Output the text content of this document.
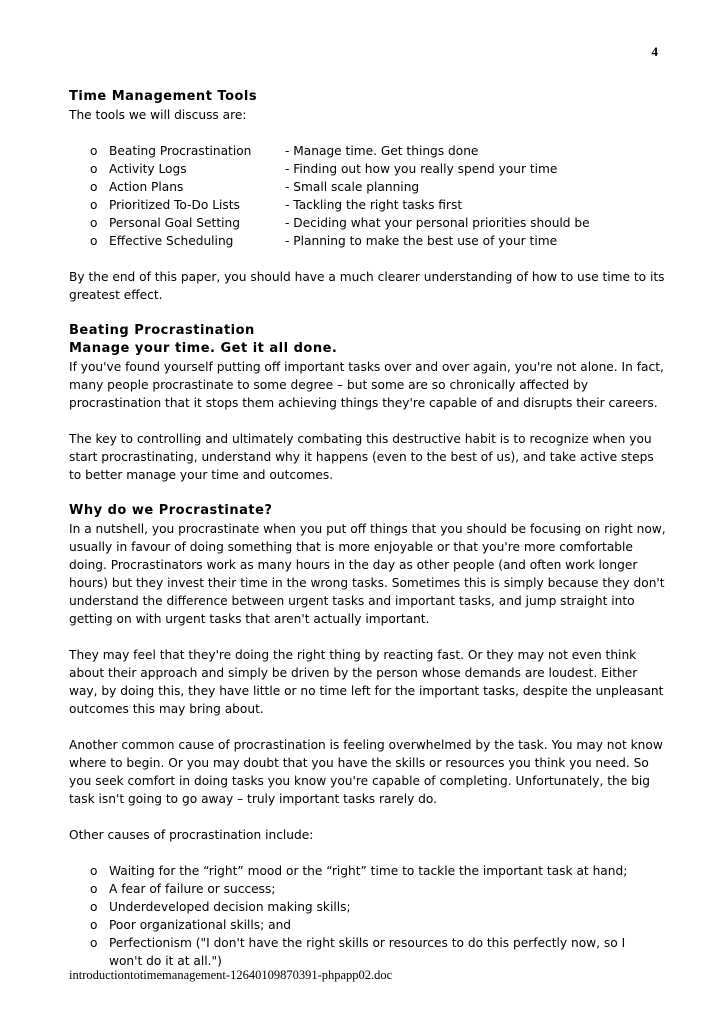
4
Time Management Tools

The tools we will discuss are:

o Beating Procrastination	- Manage time. Get things done
o Activity Logs	- Finding out how you really spend your time
o Action Plans	- Small scale planning
o Prioritized To-Do Lists	- Tackling the right tasks first
o Personal Goal Setting	- Deciding what your personal priorities should be
o Effective Scheduling	- Planning to make the best use of your time

By the end of this paper, you should have a much clearer understanding of how to use time to its greatest effect.

Beating Procrastination
Manage your time. Get it all done.

If you've found yourself putting off important tasks over and over again, you're not alone. In fact, many people procrastinate to some degree – but some are so chronically affected by procrastination that it stops them achieving things they're capable of and disrupts their careers.

The key to controlling and ultimately combating this destructive habit is to recognize when you start procrastinating, understand why it happens (even to the best of us), and take active steps to better manage your time and outcomes.

Why do we Procrastinate?

In a nutshell, you procrastinate when you put off things that you should be focusing on right now, usually in favour of doing something that is more enjoyable or that you're more comfortable doing. Procrastinators work as many hours in the day as other people (and often work longer hours) but they invest their time in the wrong tasks. Sometimes this is simply because they don't understand the difference between urgent tasks and important tasks, and jump straight into getting on with urgent tasks that aren't actually important.

They may feel that they're doing the right thing by reacting fast. Or they may not even think about their approach and simply be driven by the person whose demands are loudest. Either way, by doing this, they have little or no time left for the important tasks, despite the unpleasant outcomes this may bring about.

Another common cause of procrastination is feeling overwhelmed by the task. You may not know where to begin. Or you may doubt that you have the skills or resources you think you need. So you seek comfort in doing tasks you know you're capable of completing. Unfortunately, the big task isn't going to go away – truly important tasks rarely do.

Other causes of procrastination include:

o Waiting for the “right” mood or the “right” time to tackle the important task at hand;
o A fear of failure or success;
o Underdeveloped decision making skills;
o Poor organizational skills; and
o Perfectionism ("I don't have the right skills or resources to do this perfectly now, so I won't do it at all.")
introductiontotimemanagement-12640109870391-phpapp02.doc
